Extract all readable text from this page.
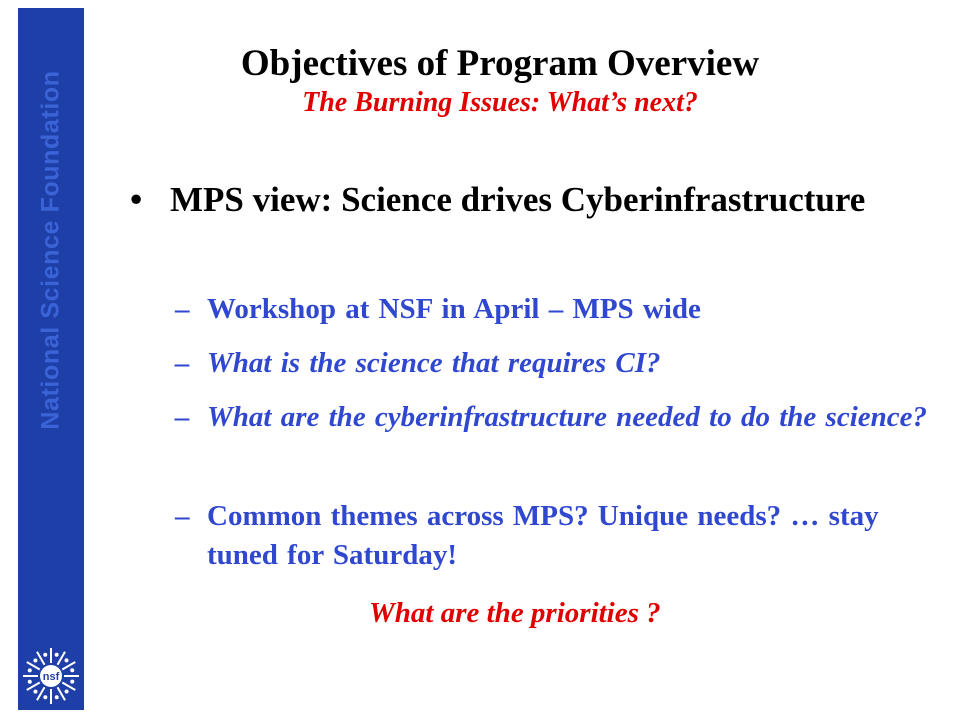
National Science Foundation
nsf
Objectives of Program Overview
The Burning Issues: What’s next?
• MPS view: Science drives Cyberinfrastructure
– Workshop at NSF in April – MPS wide
– What is the science that requires CI?
– What are the cyberinfrastructure needed to do the science?
– Common themes across MPS? Unique needs? … stay tuned for Saturday!
What are the priorities ?
